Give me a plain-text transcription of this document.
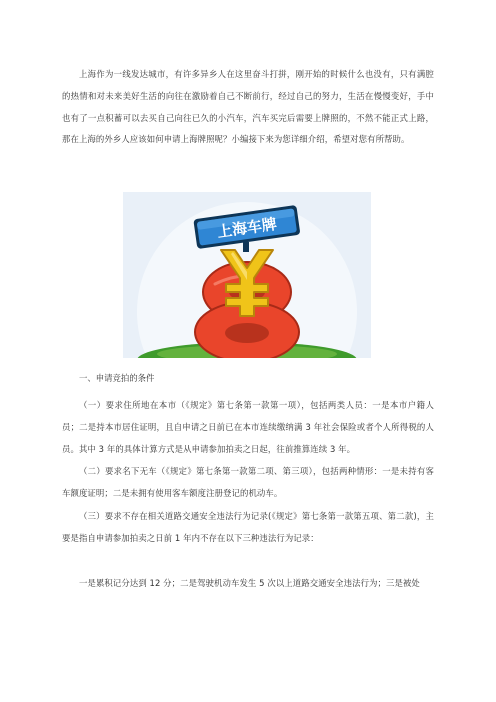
上海作为一线发达城市，有许多异乡人在这里奋斗打拼，刚开始的时候什么也没有，只有满腔的热情和对未来美好生活的向往在激励着自己不断前行，经过自己的努力，生活在慢慢变好，手中也有了一点积蓄可以去买自己向往已久的小汽车，汽车买完后需要上牌照的，不然不能正式上路，那在上海的外乡人应该如何申请上海牌照呢？小编接下来为您详细介绍，希望对您有所帮助。

上海车牌

一、申请竞拍的条件

（一）要求住所地在本市（《规定》第七条第一款第一项），包括两类人员：一是本市户籍人员；二是持本市居住证明，且自申请之日前已在本市连续缴纳满 3 年社会保险或者个人所得税的人员。其中 3 年的具体计算方式是从申请参加拍卖之日起，往前推算连续 3 年。

（二）要求名下无车（《规定》第七条第一款第二项、第三项），包括两种情形：一是未持有客车额度证明；二是未拥有使用客车额度注册登记的机动车。

（三）要求不存在相关道路交通安全违法行为记录(《规定》第七条第一款第五项、第二款)，主要是指自申请参加拍卖之日前 1 年内不存在以下三种违法行为记录：

一是累积记分达到 12 分；二是驾驶机动车发生 5 次以上道路交通安全违法行为；三是被处
